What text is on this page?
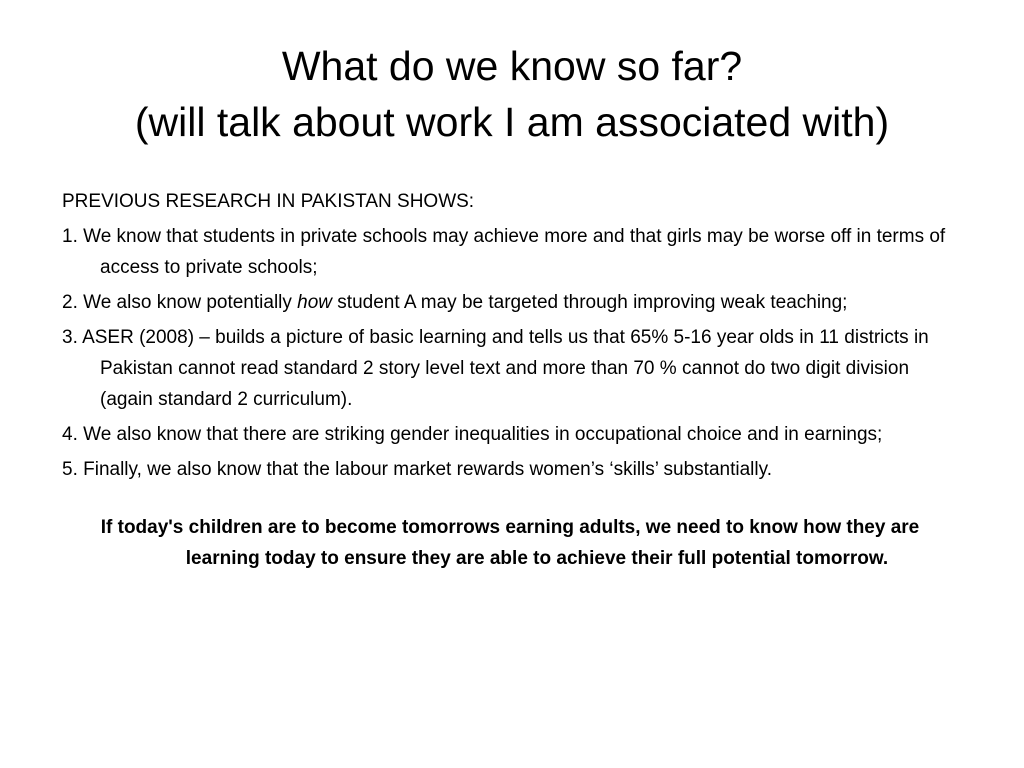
What do we know so far?
(will talk about work I am associated with)

PREVIOUS RESEARCH IN PAKISTAN SHOWS:

1. We know that students in private schools may achieve more and that girls may be worse off in terms of access to private schools;

2. We also know potentially how student A may be targeted through improving weak teaching;

3. ASER (2008) – builds a picture of basic learning and tells us that 65% 5-16 year olds in 11 districts in Pakistan cannot read standard 2 story level text and more than 70 % cannot do two digit division (again standard 2 curriculum).

4. We also know that there are striking gender inequalities in occupational choice and in earnings;

5. Finally, we also know that the labour market rewards women’s ‘skills’ substantially.

If today's children are to become tomorrows earning adults, we need to know how they are learning today to ensure they are able to achieve their full potential tomorrow.
